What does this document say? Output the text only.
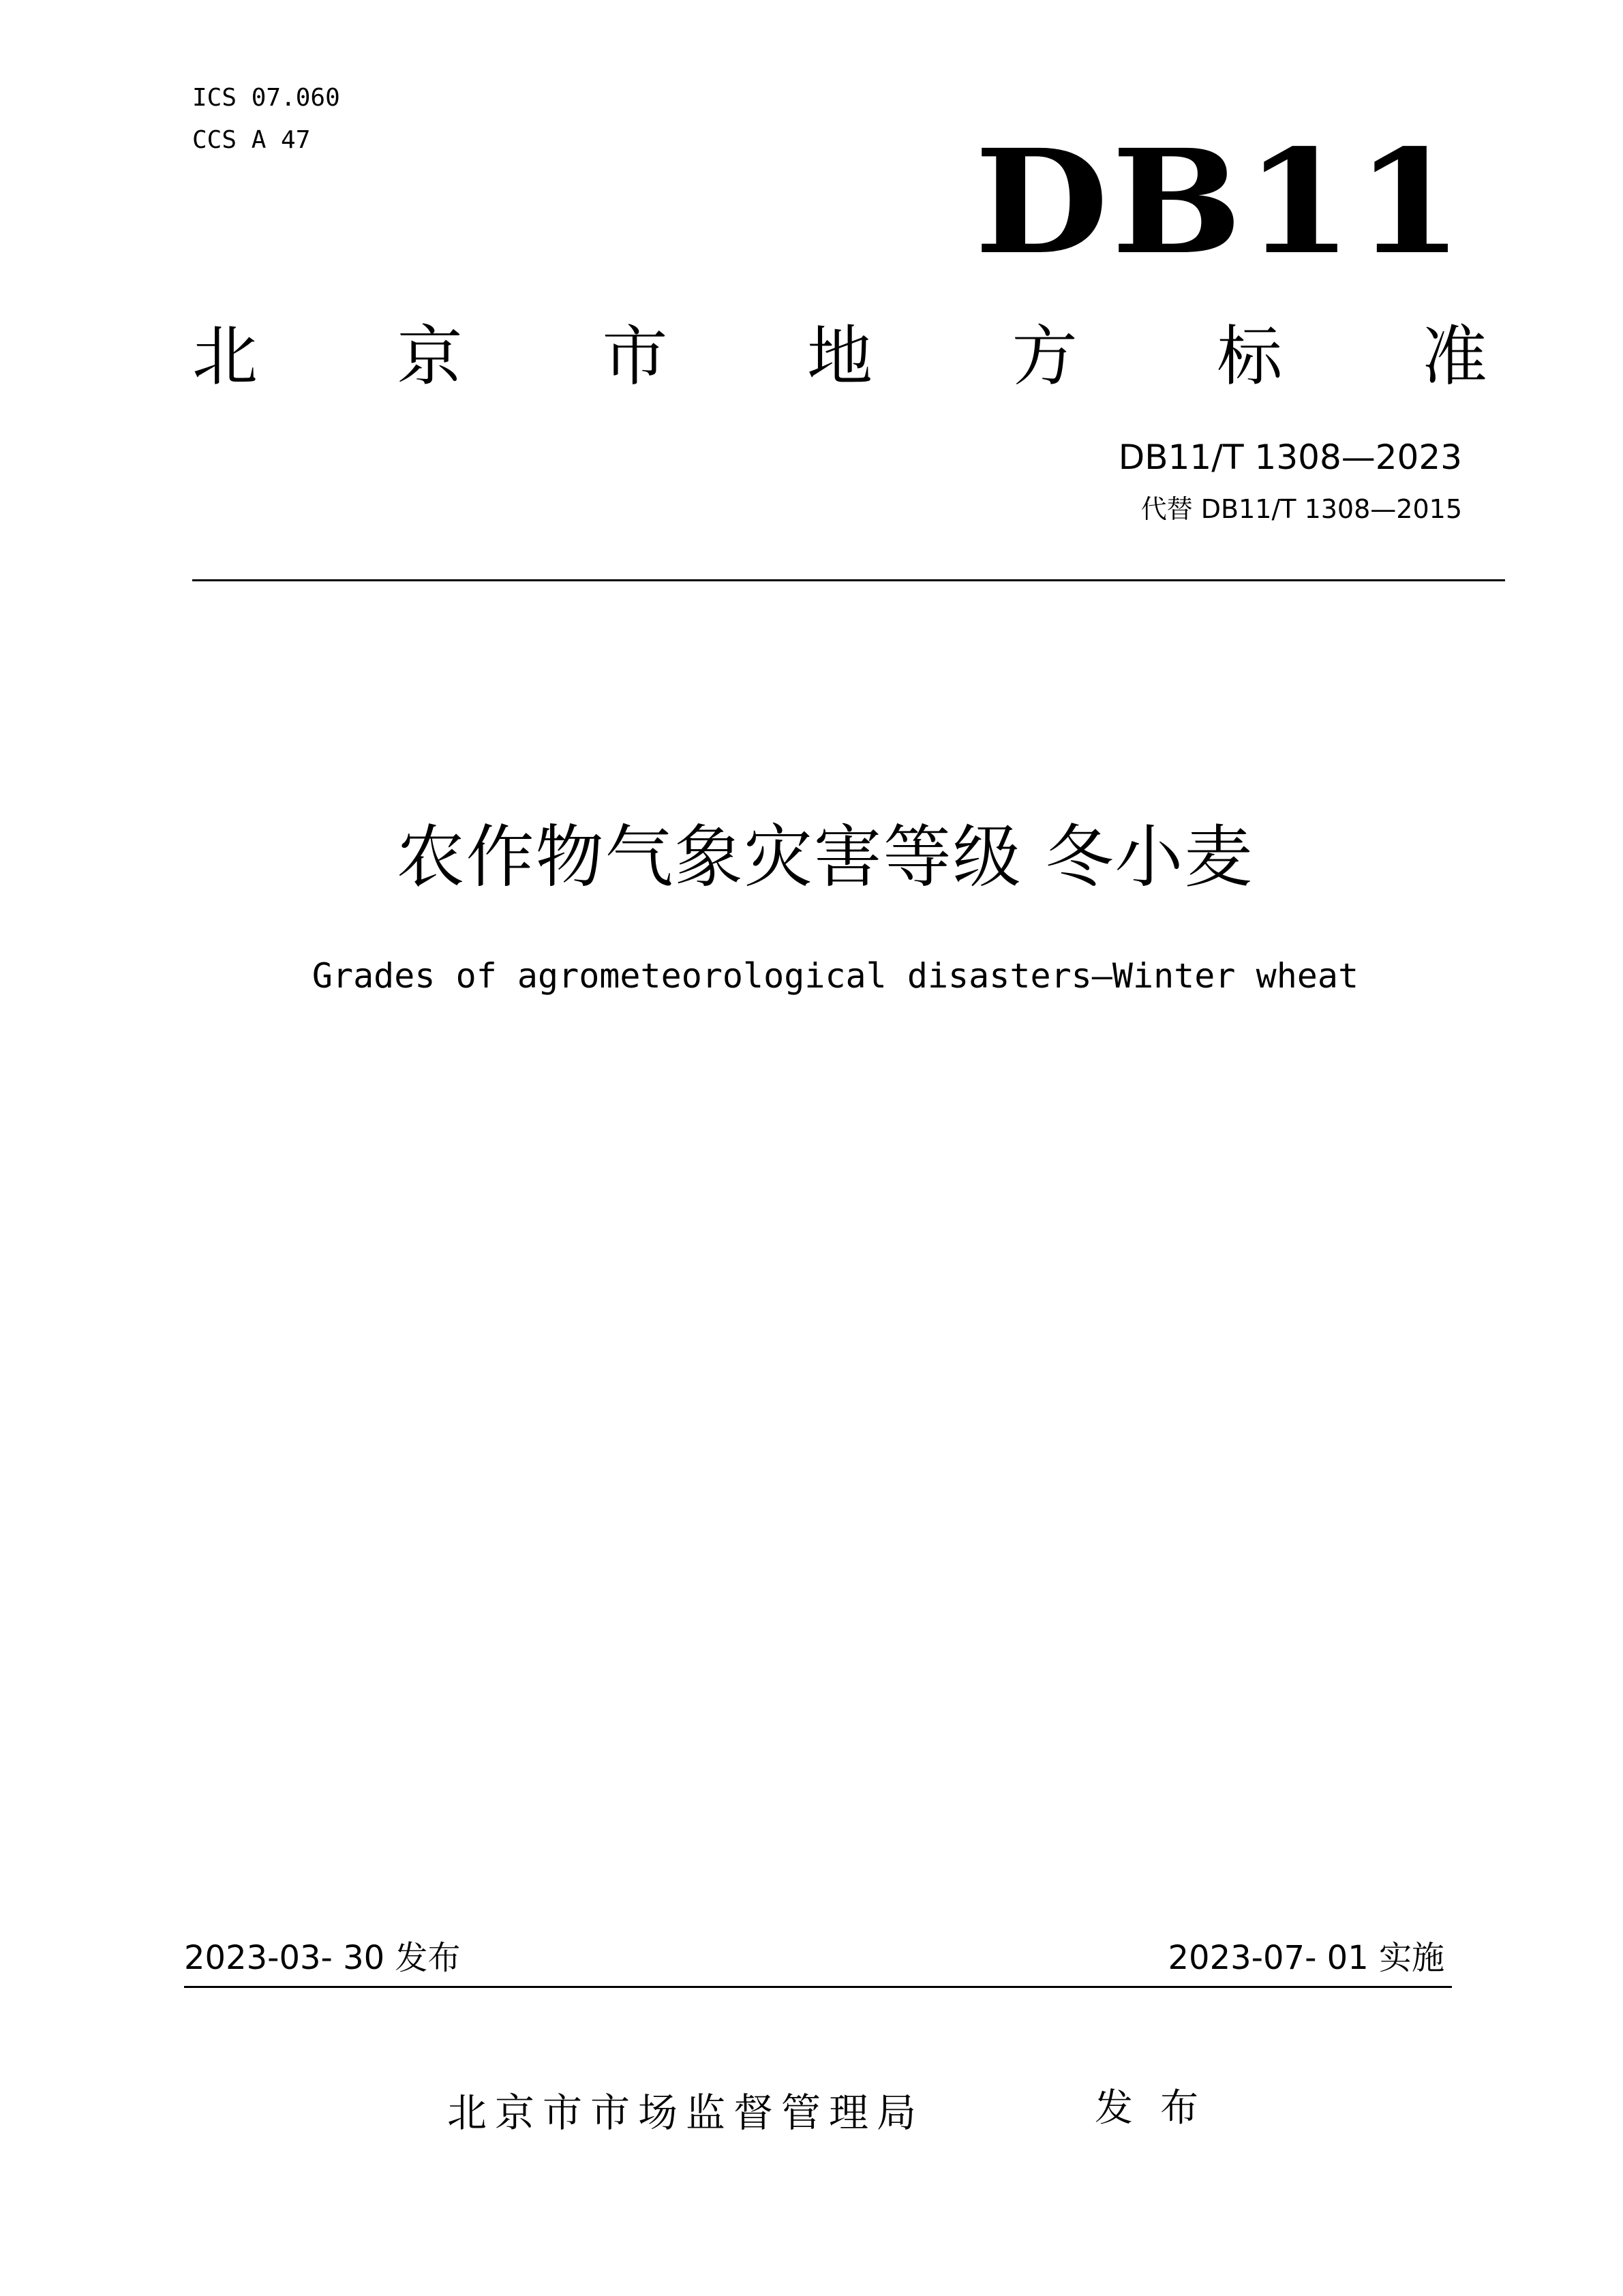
ICS 07.060
CCS A 47	DB11
北 京 市 地 方 标 准
DB11/T 1308—2023
代替 DB11/T 1308—2015
农作物气象灾害等级 冬小麦
Grades of agrometeorological disasters—Winter wheat
2023-03- 30 发布	2023-07- 01 实施
北京市市场监督管理局	发布
